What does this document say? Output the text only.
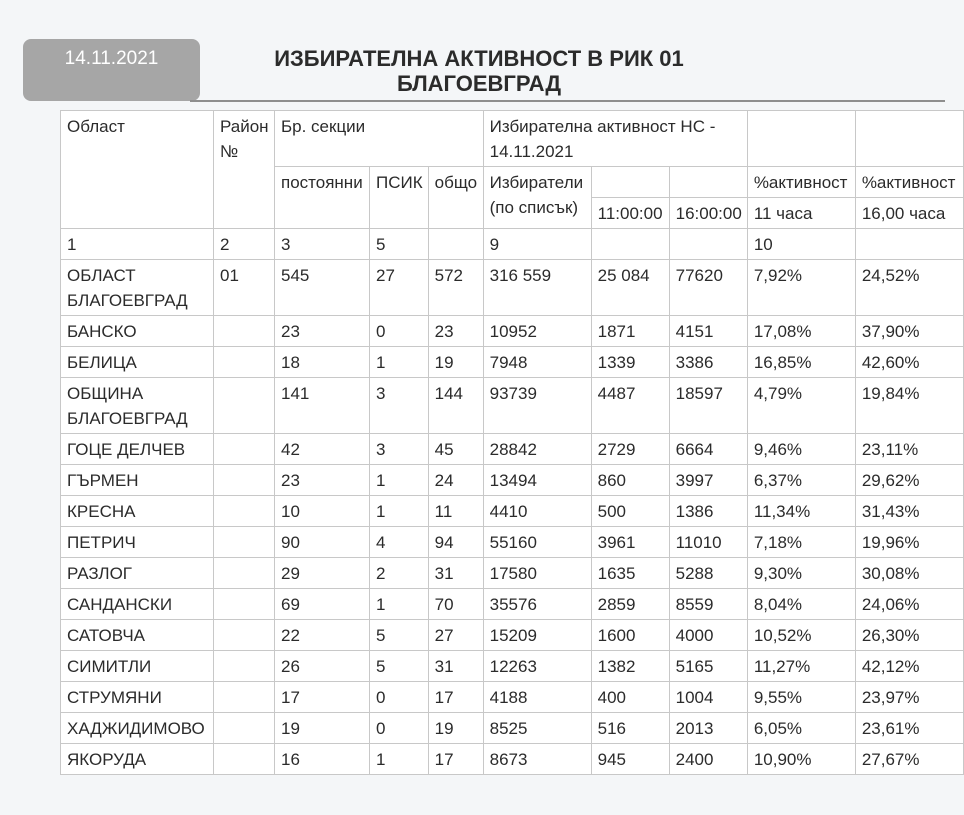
14.11.2021	ИЗБИРАТЕЛНА АКТИВНОСТ В РИК 01
БЛАГОЕВГРАД
Област	Район №	Бр. секции			Избирателна активност НС - 14.11.2021				
		постоянни	ПСИК	общо	Избиратели (по списък)			%активност	%активност
						11:00:00	16:00:00	11 часа	16,00 часа
1	2	3	5		9			10	
ОБЛАСТ БЛАГОЕВГРАД	01	545	27	572	316 559	25 084	77620	7,92%	24,52%
БАНСКО		23	0	23	10952	1871	4151	17,08%	37,90%
БЕЛИЦА		18	1	19	7948	1339	3386	16,85%	42,60%
ОБЩИНА БЛАГОЕВГРАД		141	3	144	93739	4487	18597	4,79%	19,84%
ГОЦЕ ДЕЛЧЕВ		42	3	45	28842	2729	6664	9,46%	23,11%
ГЪРМЕН		23	1	24	13494	860	3997	6,37%	29,62%
КРЕСНА		10	1	11	4410	500	1386	11,34%	31,43%
ПЕТРИЧ		90	4	94	55160	3961	11010	7,18%	19,96%
РАЗЛОГ		29	2	31	17580	1635	5288	9,30%	30,08%
САНДАНСКИ		69	1	70	35576	2859	8559	8,04%	24,06%
САТОВЧА		22	5	27	15209	1600	4000	10,52%	26,30%
СИМИТЛИ		26	5	31	12263	1382	5165	11,27%	42,12%
СТРУМЯНИ		17	0	17	4188	400	1004	9,55%	23,97%
ХАДЖИДИМОВО		19	0	19	8525	516	2013	6,05%	23,61%
ЯКОРУДА		16	1	17	8673	945	2400	10,90%	27,67%
